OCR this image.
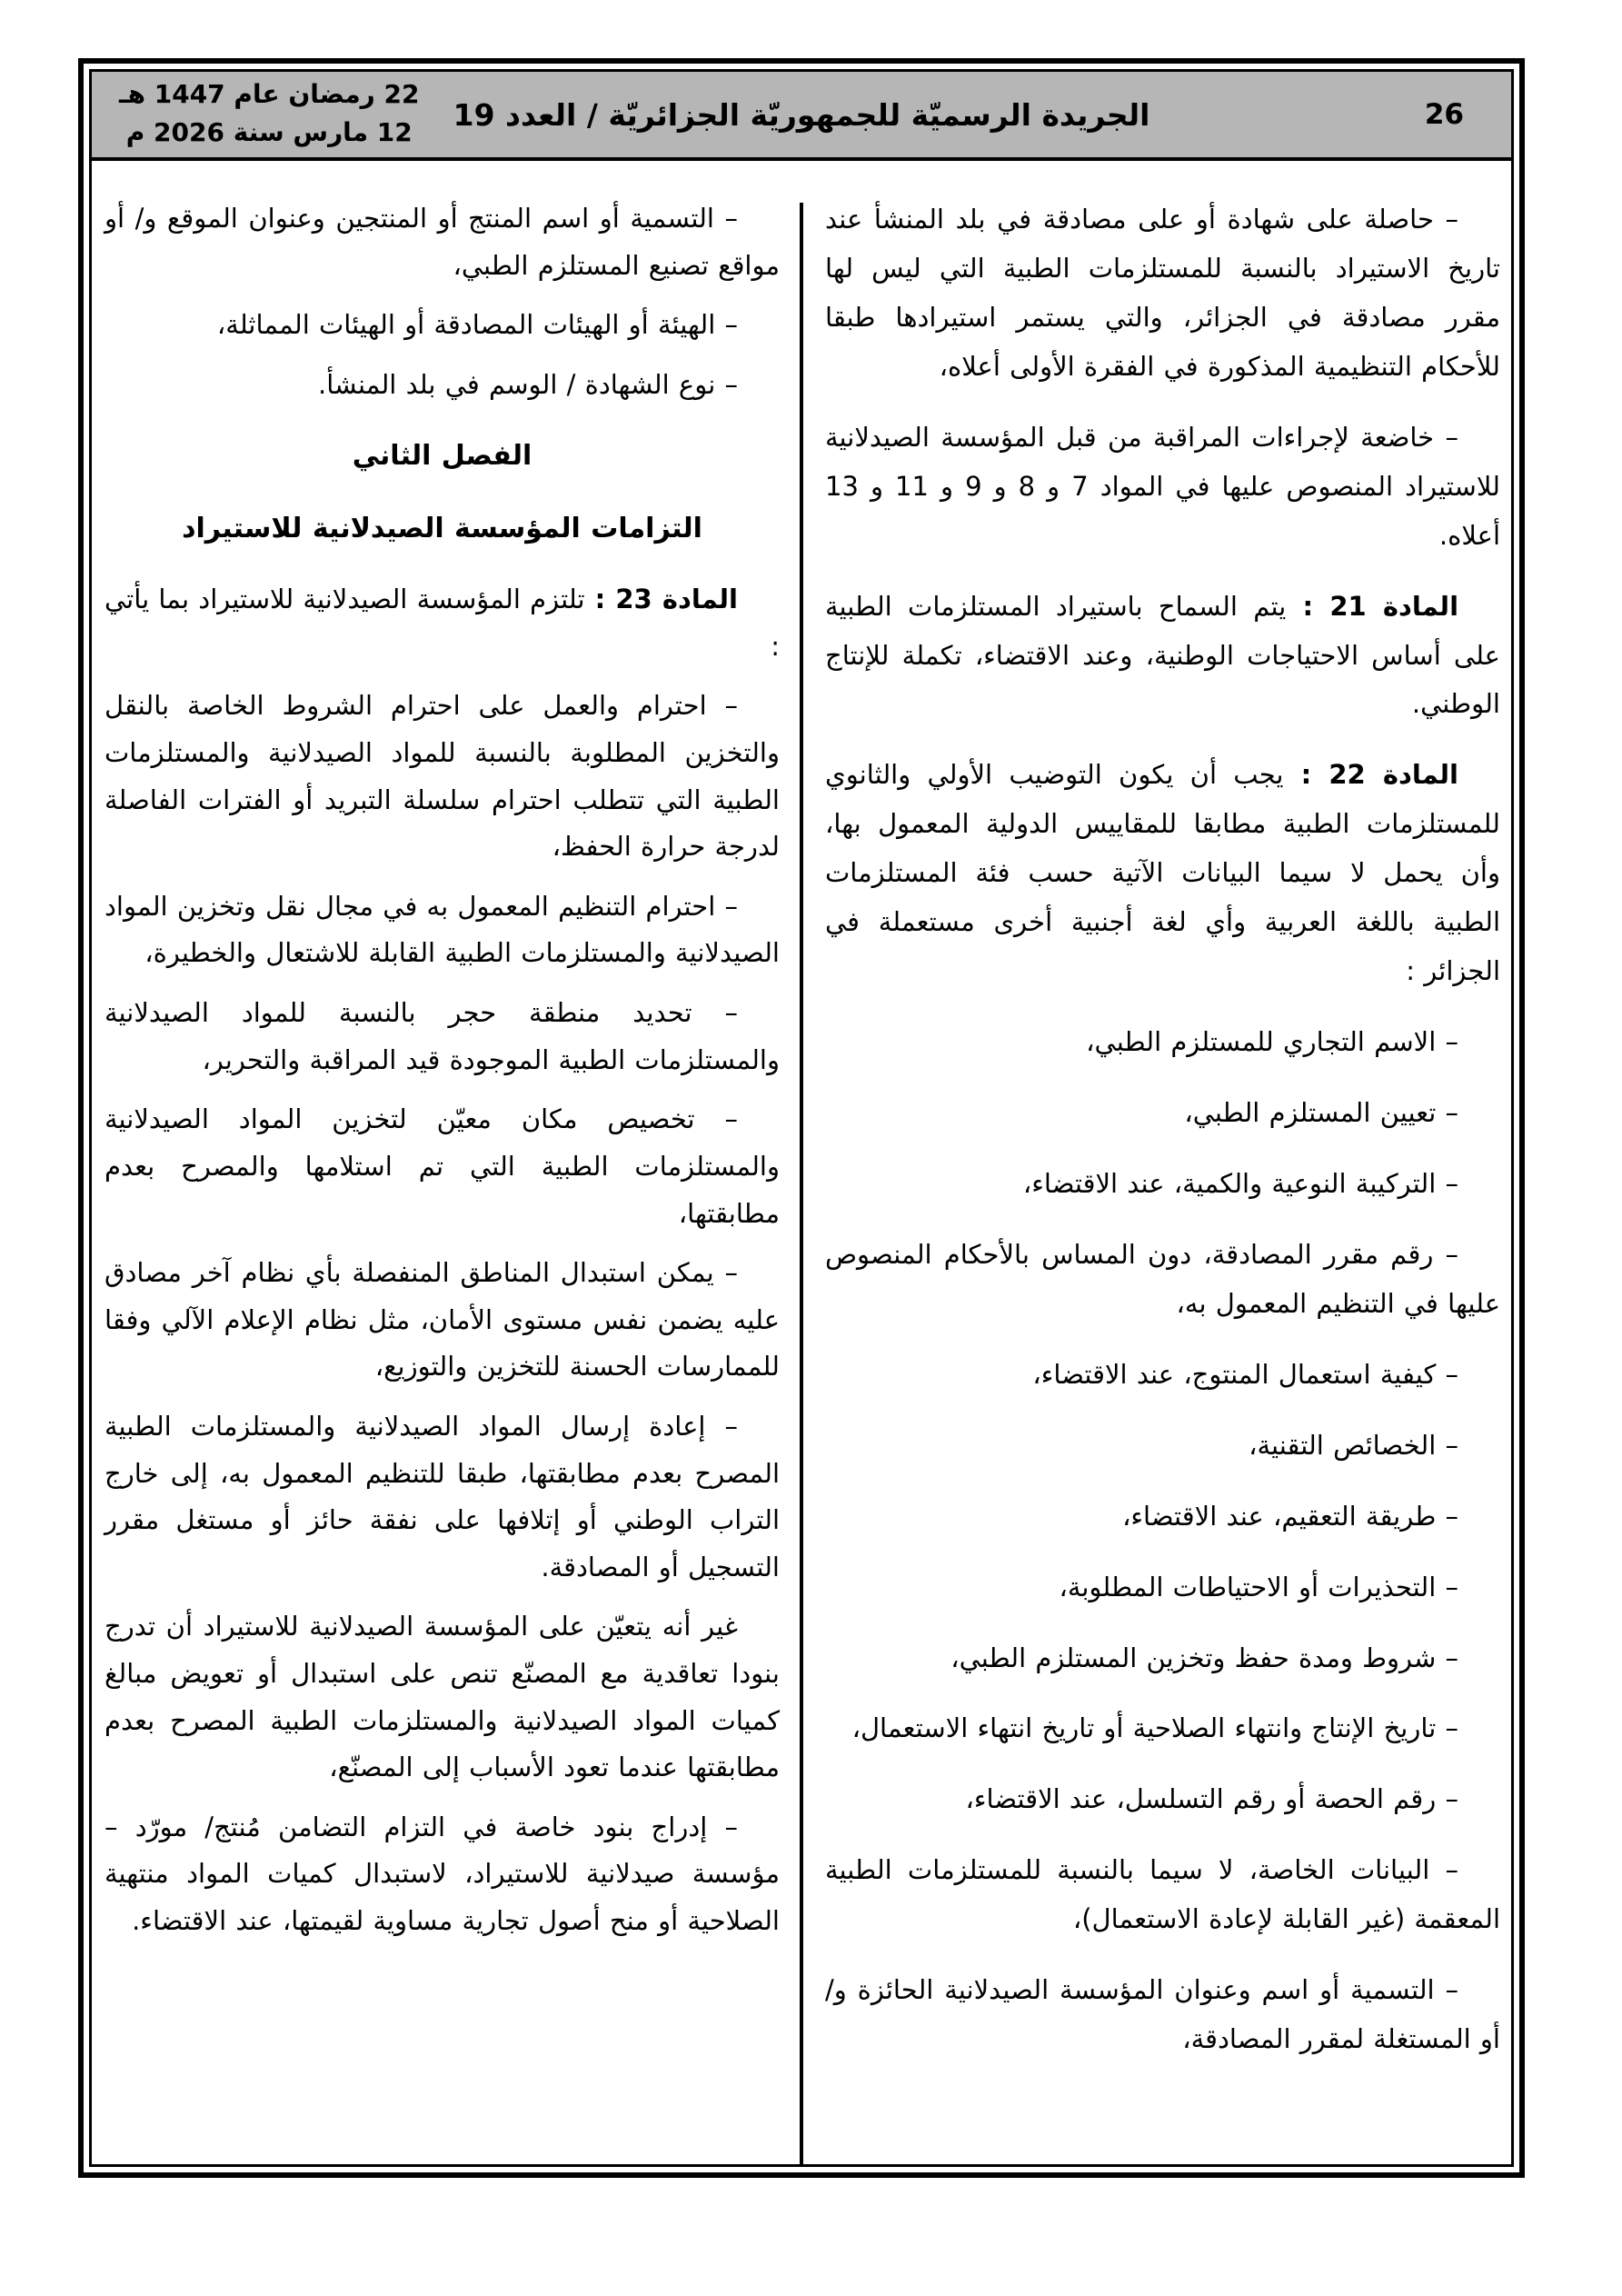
22 رمضان عام 1447 هـ
12 مارس سنة 2026 م	الجريدة الرسميّة للجمهوريّة الجزائريّة / العدد 19	26

– حاصلة على شهادة أو على مصادقة في بلد المنشأ عند تاريخ الاستيراد بالنسبة للمستلزمات الطبية التي ليس لها مقرر مصادقة في الجزائر، والتي يستمر استيرادها طبقا للأحكام التنظيمية المذكورة في الفقرة الأولى أعلاه،

– خاضعة لإجراءات المراقبة من قبل المؤسسة الصيدلانية للاستيراد المنصوص عليها في المواد 7 و 8 و 9 و 11 و 13 أعلاه.

المادة 21 : يتم السماح باستيراد المستلزمات الطبية على أساس الاحتياجات الوطنية، وعند الاقتضاء، تكملة للإنتاج الوطني.

المادة 22 : يجب أن يكون التوضيب الأولي والثانوي للمستلزمات الطبية مطابقا للمقاييس الدولية المعمول بها، وأن يحمل لا سيما البيانات الآتية حسب فئة المستلزمات الطبية باللغة العربية وأي لغة أجنبية أخرى مستعملة في الجزائر :

– الاسم التجاري للمستلزم الطبي،

– تعيين المستلزم الطبي،

– التركيبة النوعية والكمية، عند الاقتضاء،

– رقم مقرر المصادقة، دون المساس بالأحكام المنصوص عليها في التنظيم المعمول به،

– كيفية استعمال المنتوج، عند الاقتضاء،

– الخصائص التقنية،

– طريقة التعقيم، عند الاقتضاء،

– التحذيرات أو الاحتياطات المطلوبة،

– شروط ومدة حفظ وتخزين المستلزم الطبي،

– تاريخ الإنتاج وانتهاء الصلاحية أو تاريخ انتهاء الاستعمال،

– رقم الحصة أو رقم التسلسل، عند الاقتضاء،

– البيانات الخاصة، لا سيما بالنسبة للمستلزمات الطبية المعقمة (غير القابلة لإعادة الاستعمال)،

– التسمية أو اسم وعنوان المؤسسة الصيدلانية الحائزة و/أو المستغلة لمقرر المصادقة،

– التسمية أو اسم المنتج أو المنتجين وعنوان الموقع و/ أو مواقع تصنيع المستلزم الطبي،

– الهيئة أو الهيئات المصادقة أو الهيئات المماثلة،

– نوع الشهادة / الوسم في بلد المنشأ.

الفصل الثاني

التزامات المؤسسة الصيدلانية للاستيراد

المادة 23 : تلتزم المؤسسة الصيدلانية للاستيراد بما يأتي :

– احترام والعمل على احترام الشروط الخاصة بالنقل والتخزين المطلوبة بالنسبة للمواد الصيدلانية والمستلزمات الطبية التي تتطلب احترام سلسلة التبريد أو الفترات الفاصلة لدرجة حرارة الحفظ،

– احترام التنظيم المعمول به في مجال نقل وتخزين المواد الصيدلانية والمستلزمات الطبية القابلة للاشتعال والخطيرة،

– تحديد منطقة حجر بالنسبة للمواد الصيدلانية والمستلزمات الطبية الموجودة قيد المراقبة والتحرير،

– تخصيص مكان معيّن لتخزين المواد الصيدلانية والمستلزمات الطبية التي تم استلامها والمصرح بعدم مطابقتها،

– يمكن استبدال المناطق المنفصلة بأي نظام آخر مصادق عليه يضمن نفس مستوى الأمان، مثل نظام الإعلام الآلي وفقا للممارسات الحسنة للتخزين والتوزيع،

– إعادة إرسال المواد الصيدلانية والمستلزمات الطبية المصرح بعدم مطابقتها، طبقا للتنظيم المعمول به، إلى خارج التراب الوطني أو إتلافها على نفقة حائز أو مستغل مقرر التسجيل أو المصادقة.

غير أنه يتعيّن على المؤسسة الصيدلانية للاستيراد أن تدرج بنودا تعاقدية مع المصنّع تنص على استبدال أو تعويض مبالغ كميات المواد الصيدلانية والمستلزمات الطبية المصرح بعدم مطابقتها عندما تعود الأسباب إلى المصنّع،

– إدراج بنود خاصة في التزام التضامن مُنتج/ مورّد – مؤسسة صيدلانية للاستيراد، لاستبدال كميات المواد منتهية الصلاحية أو منح أصول تجارية مساوية لقيمتها، عند الاقتضاء.
